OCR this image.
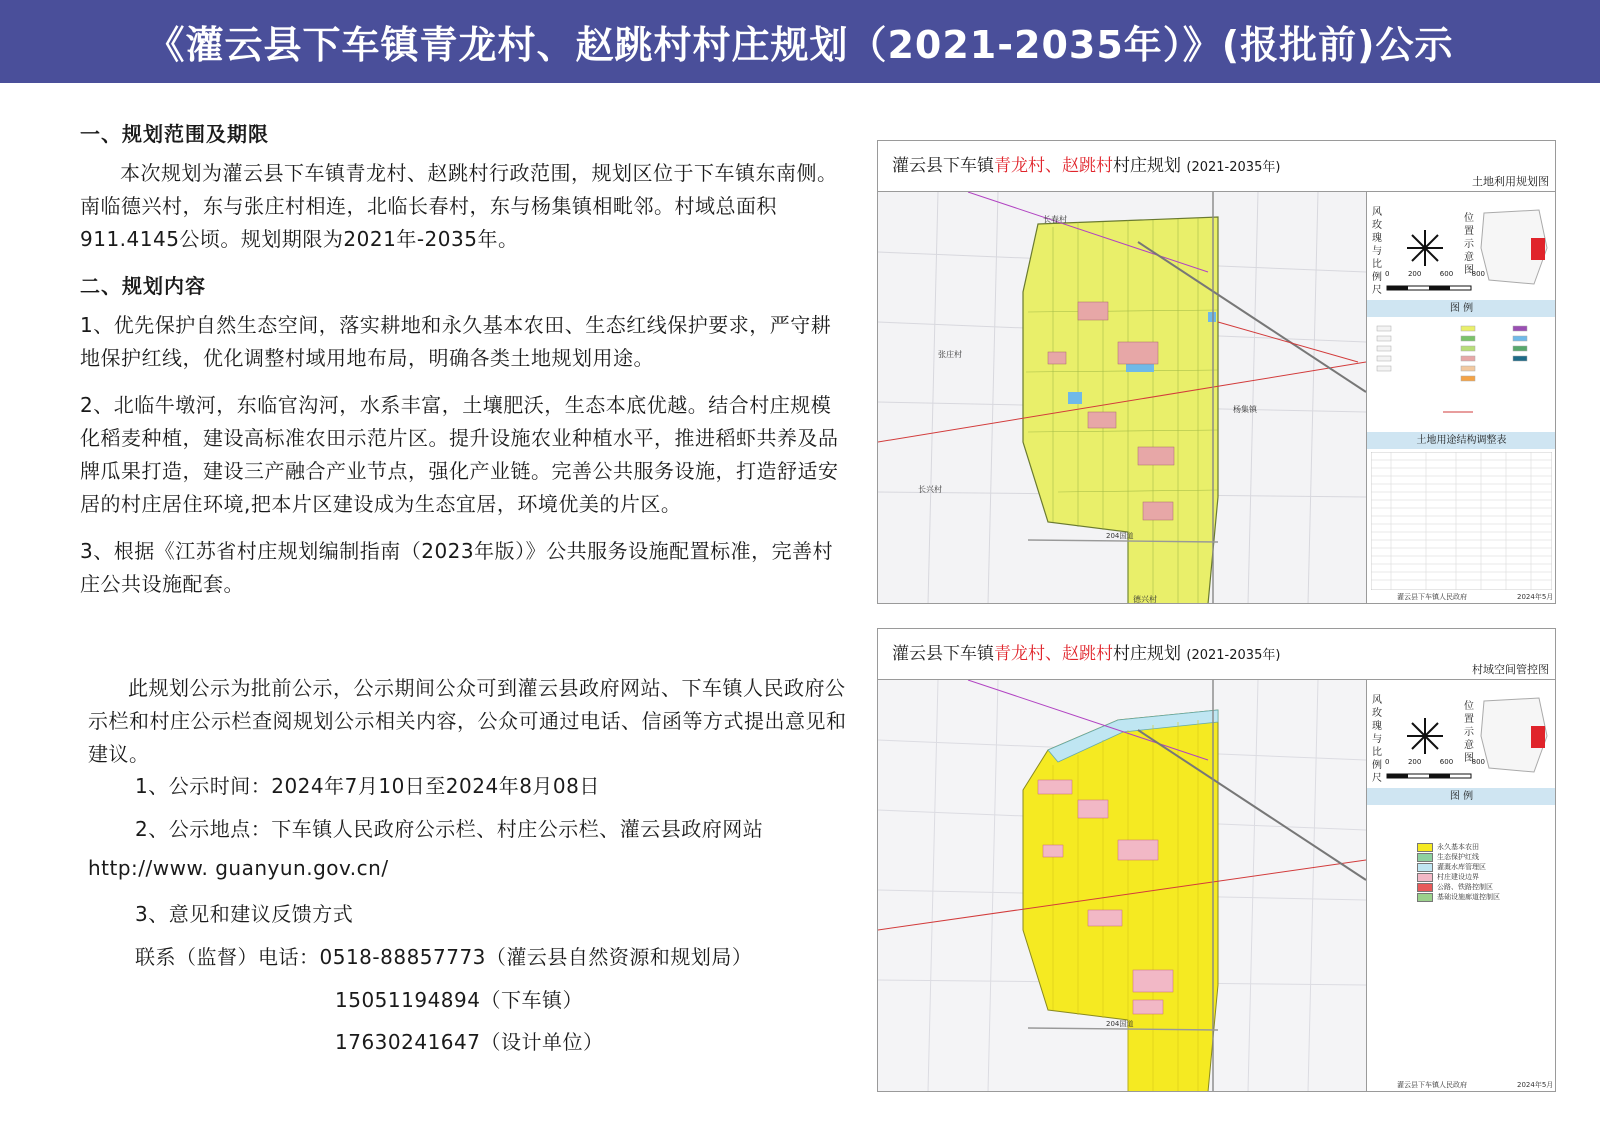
《灌云县下车镇青龙村、赵跳村村庄规划（2021-2035年）》(报批前)公示
一、规划范围及期限
本次规划为灌云县下车镇青龙村、赵跳村行政范围，规划区位于下车镇东南侧。南临德兴村，东与张庄村相连，北临长春村，东与杨集镇相毗邻。村域总面积911.4145公顷。规划期限为2021年-2035年。
二、规划内容
1、优先保护自然生态空间，落实耕地和永久基本农田、生态红线保护要求，严守耕地保护红线，优化调整村域用地布局，明确各类土地规划用途。
2、北临牛墩河，东临官沟河，水系丰富，土壤肥沃，生态本底优越。结合村庄规模化稻麦种植，建设高标准农田示范片区。提升设施农业种植水平，推进稻虾共养及品牌瓜果打造，建设三产融合产业节点，强化产业链。完善公共服务设施，打造舒适安居的村庄居住环境,把本片区建设成为生态宜居，环境优美的片区。
3、根据《江苏省村庄规划编制指南（2023年版）》公共服务设施配置标准，完善村庄公共设施配套。
此规划公示为批前公示，公示期间公众可到灌云县政府网站、下车镇人民政府公示栏和村庄公示栏查阅规划公示相关内容，公众可通过电话、信函等方式提出意见和建议。
1、公示时间：2024年7月10日至2024年8月08日
2、公示地点：下车镇人民政府公示栏、村庄公示栏、灌云县政府网站
http://www. guanyun.gov.cn/
3、意见和建议反馈方式
联系（监督）电话：0518-88857773（灌云县自然资源和规划局）
15051194894（下车镇）
17630241647（设计单位）
灌云县下车镇青龙村、赵跳村村庄规划 (2021-2035年)
土地利用规划图
长春村
德兴村
杨集镇
长兴村
张庄村
204国道
风玫瑰与比例尺
0	200	600	800
位置示意图
图 例
土地用途结构调整表
灌云县下车镇人民政府	2024年5月
灌云县下车镇青龙村、赵跳村村庄规划 (2021-2035年)
村域空间管控图
204国道
风玫瑰与比例尺
0	200	600	800
位置示意图
图 例
永久基本农田
生态保护红线
灌溉水库管理区
村庄建设边界
公路、铁路控制区
基础设施廊道控制区
灌云县下车镇人民政府	2024年5月
